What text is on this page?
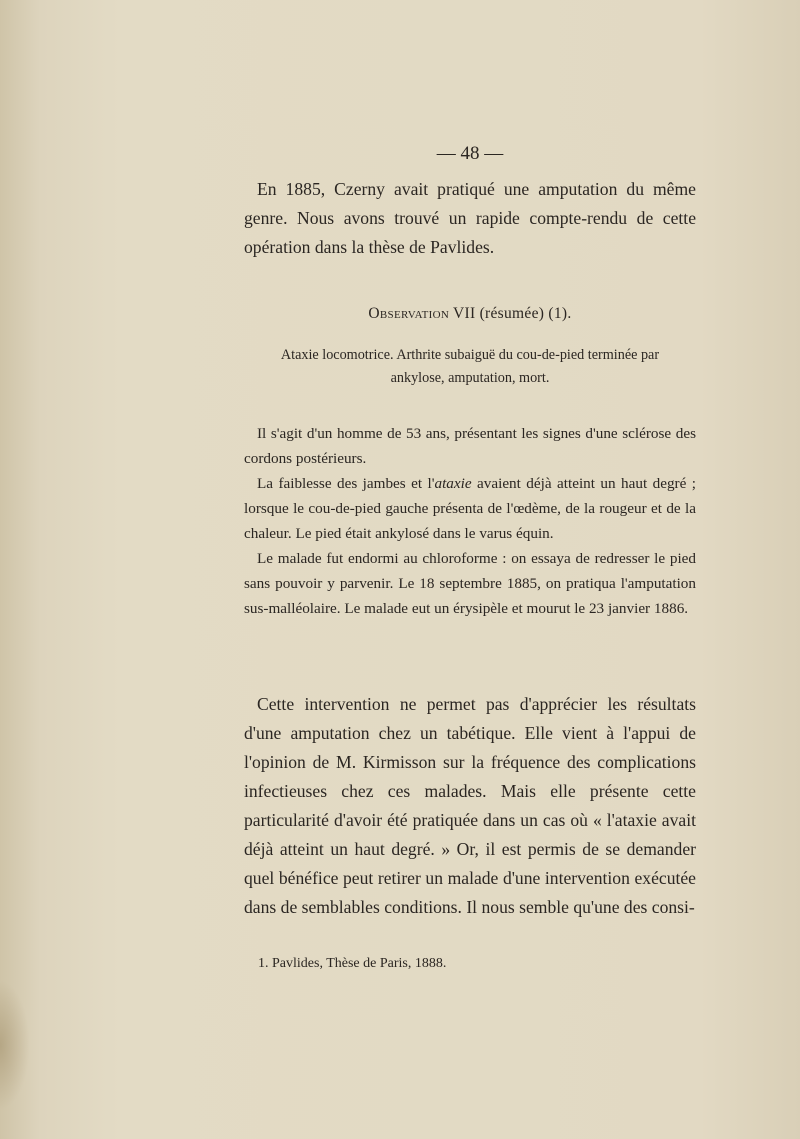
— 48 —

En 1885, Czerny avait pratiqué une amputation du même genre. Nous avons trouvé un rapide compte-rendu de cette opération dans la thèse de Pavlides.

Observation VII (résumée) (1).
Ataxie locomotrice. Arthrite subaiguë du cou-de-pied terminée par
ankylose, amputation, mort.

Il s'agit d'un homme de 53 ans, présentant les signes d'une sclérose des cordons postérieurs.

La faiblesse des jambes et l'ataxie avaient déjà atteint un haut degré ; lorsque le cou-de-pied gauche présenta de l'œdème, de la rougeur et de la chaleur. Le pied était ankylosé dans le varus équin.

Le malade fut endormi au chloroforme : on essaya de redresser le pied sans pouvoir y parvenir. Le 18 septembre 1885, on pratiqua l'amputation sus-malléolaire. Le malade eut un érysipèle et mourut le 23 janvier 1886.

Cette intervention ne permet pas d'apprécier les résultats d'une amputation chez un tabétique. Elle vient à l'appui de l'opinion de M. Kirmisson sur la fréquence des complications infectieuses chez ces malades. Mais elle présente cette particularité d'avoir été pratiquée dans un cas où « l'ataxie avait déjà atteint un haut degré. » Or, il est permis de se demander quel bénéfice peut retirer un malade d'une intervention exécutée dans de semblables conditions. Il nous semble qu'une des consi-

1. Pavlides, Thèse de Paris, 1888.
